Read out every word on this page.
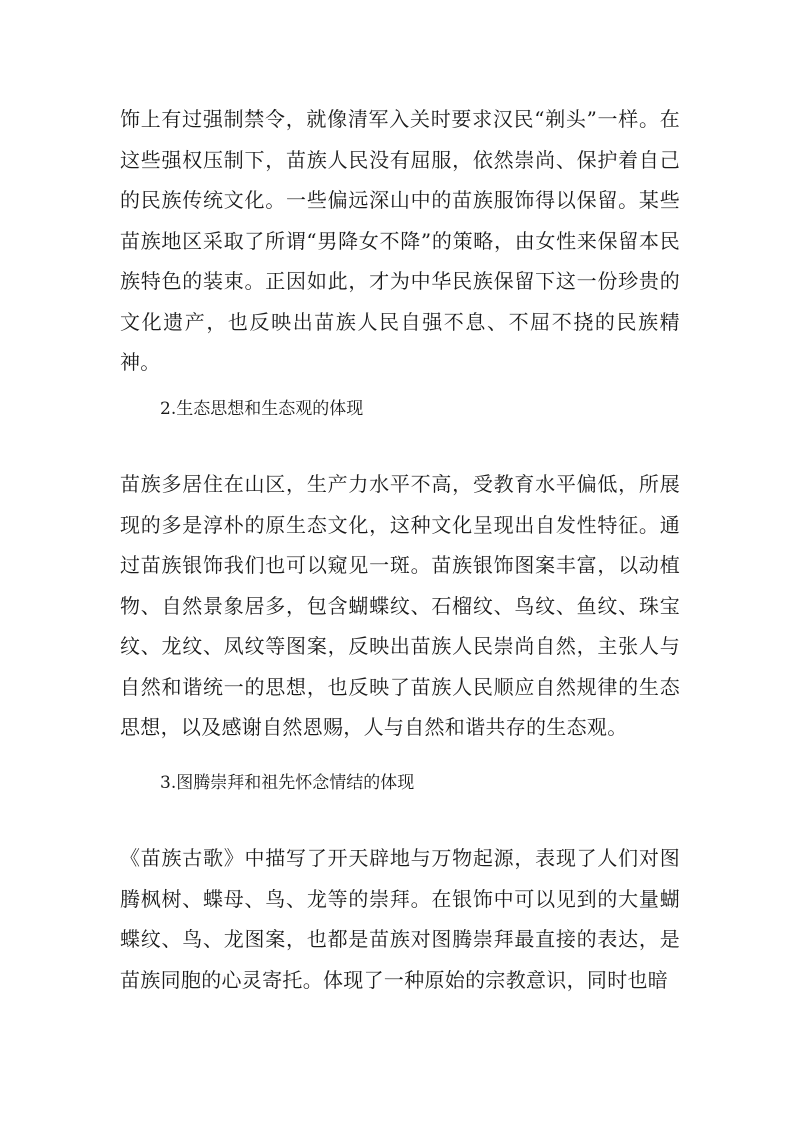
饰上有过强制禁令，就像清军入关时要求汉民“剃头”一样。在这些强权压制下，苗族人民没有屈服，依然崇尚、保护着自己的民族传统文化。一些偏远深山中的苗族服饰得以保留。某些苗族地区采取了所谓“男降女不降”的策略，由女性来保留本民族特色的装束。正因如此，才为中华民族保留下这一份珍贵的文化遗产，也反映出苗族人民自强不息、不屈不挠的民族精神。

2.生态思想和生态观的体现

苗族多居住在山区，生产力水平不高，受教育水平偏低，所展现的多是淳朴的原生态文化，这种文化呈现出自发性特征。通过苗族银饰我们也可以窥见一斑。苗族银饰图案丰富，以动植物、自然景象居多，包含蝴蝶纹、石榴纹、鸟纹、鱼纹、珠宝纹、龙纹、凤纹等图案，反映出苗族人民崇尚自然，主张人与自然和谐统一的思想，也反映了苗族人民顺应自然规律的生态思想，以及感谢自然恩赐，人与自然和谐共存的生态观。

3.图腾崇拜和祖先怀念情结的体现

《苗族古歌》中描写了开天辟地与万物起源，表现了人们对图腾枫树、蝶母、鸟、龙等的崇拜。在银饰中可以见到的大量蝴蝶纹、鸟、龙图案，也都是苗族对图腾崇拜最直接的表达，是苗族同胞的心灵寄托。体现了一种原始的宗教意识，同时也暗
